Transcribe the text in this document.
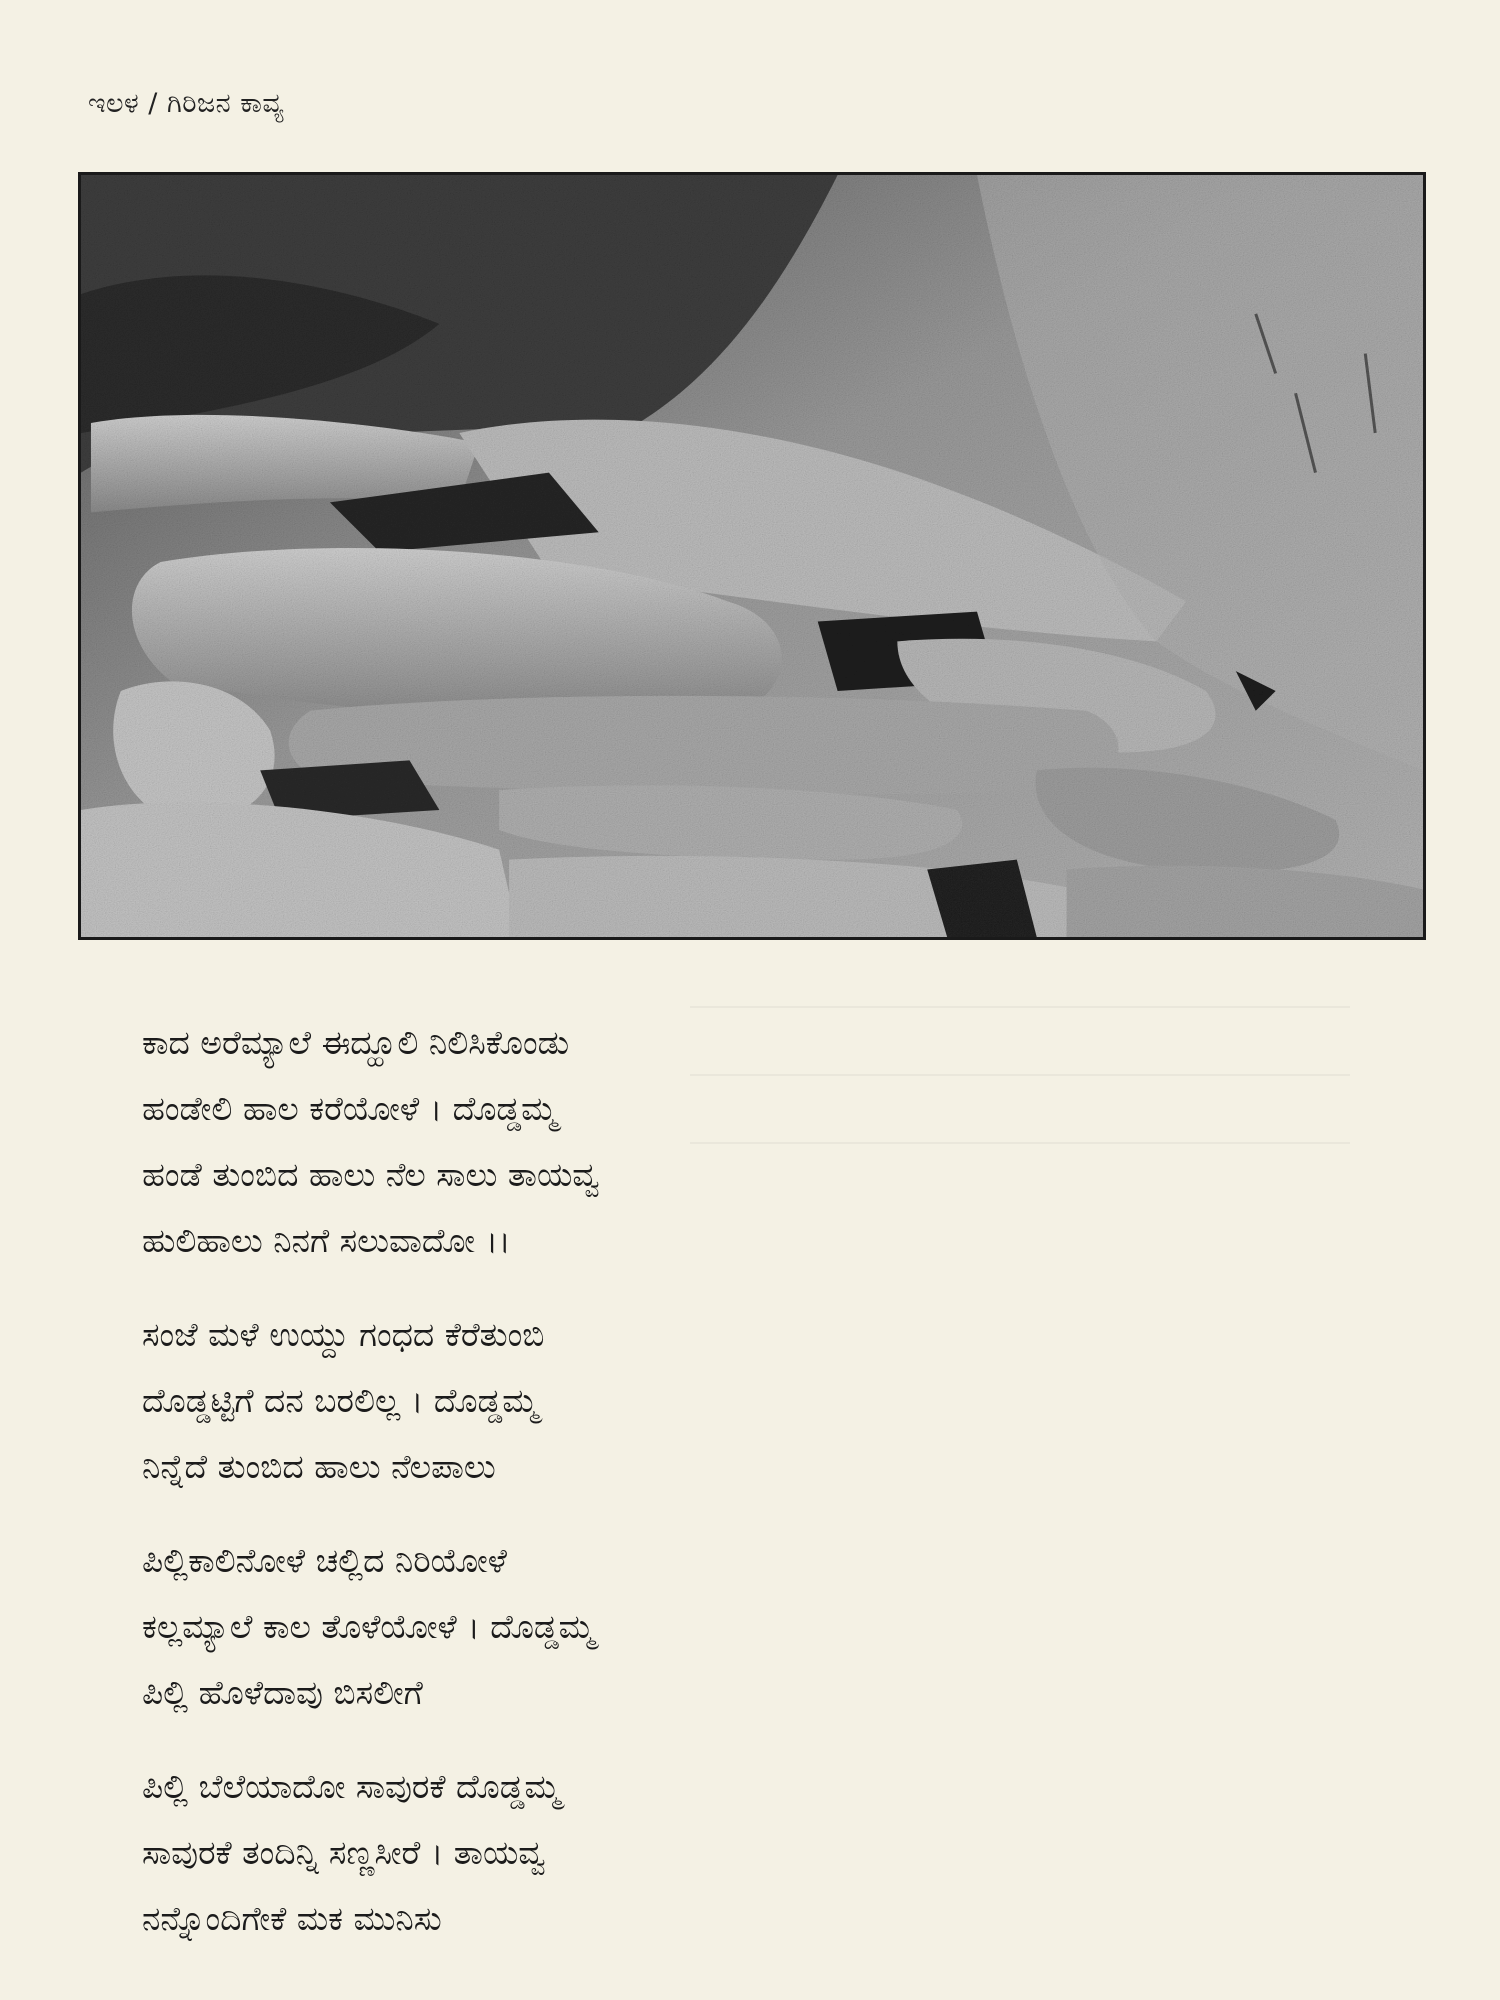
ಇಲಳ / ಗಿರಿಜನ ಕಾವ್ಯ
ಕಾದ ಅರೆಮ್ಯಾಲೆ ಈದ್ಹೂಲಿ ನಿಲಿಸಿಕೊಂಡು
ಹಂಡೇಲಿ ಹಾಲ ಕರೆಯೋಳೆ । ದೊಡ್ಡಮ್ಮ
ಹಂಡೆ ತುಂಬಿದ ಹಾಲು ನೆಲ ಸಾಲು ತಾಯವ್ವ
ಹುಲಿಹಾಲು ನಿನಗೆ ಸಲುವಾದೋ ।।
ಸಂಜೆ ಮಳೆ ಉಯ್ದು ಗಂಧದ ಕೆರೆತುಂಬಿ
ದೊಡ್ಡಟ್ಟಿಗೆ ದನ ಬರಲಿಲ್ಲ । ದೊಡ್ಡಮ್ಮ
ನಿನ್ನೆದೆ ತುಂಬಿದ ಹಾಲು ನೆಲಪಾಲು
ಪಿಲ್ಲಿಕಾಲಿನೋಳೆ ಚಲ್ಲಿದ ನಿರಿಯೋಳೆ
ಕಲ್ಲಮ್ಯಾಲೆ ಕಾಲ ತೊಳೆಯೋಳೆ । ದೊಡ್ಡಮ್ಮ
ಪಿಲ್ಲಿ ಹೊಳೆದಾವು ಬಿಸಲೀಗೆ
ಪಿಲ್ಲಿ ಬೆಲೆಯಾದೋ ಸಾವುರಕೆ ದೊಡ್ಡಮ್ಮ
ಸಾವುರಕೆ ತಂದಿನ್ನಿ ಸಣ್ಣಸೀರೆ । ತಾಯವ್ವ
ನನ್ನೊಂದಿಗೇಕೆ ಮಕ ಮುನಿಸು
